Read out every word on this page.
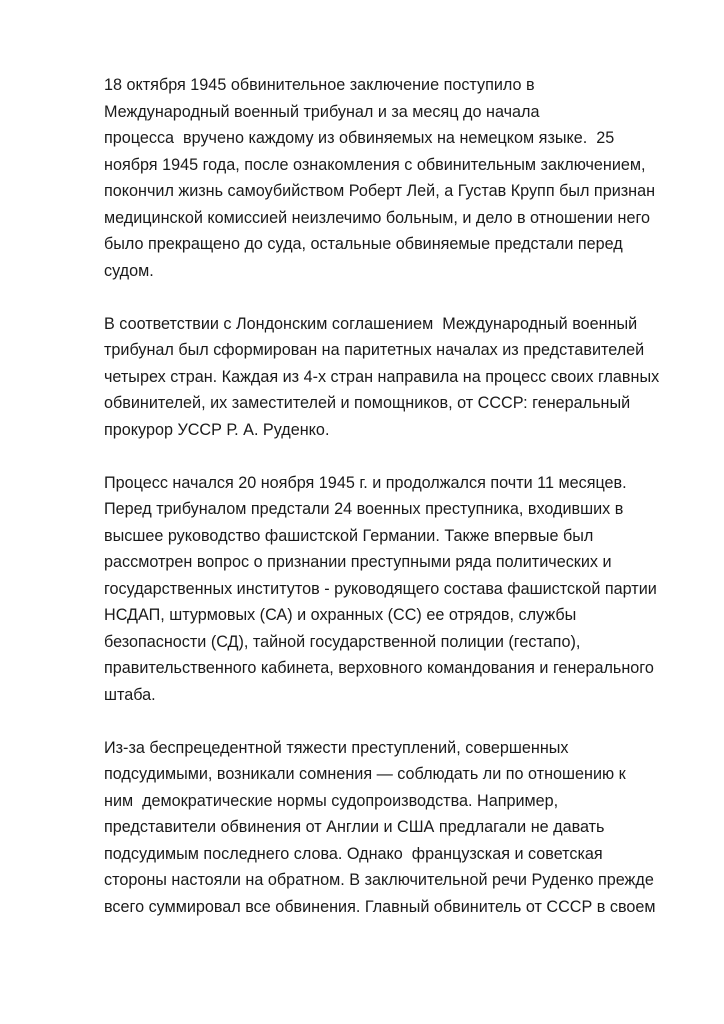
18 октября 1945 обвинительное заключение поступило в
Международный военный трибунал и за месяц до начала
процесса  вручено каждому из обвиняемых на немецком языке.  25
ноября 1945 года, после ознакомления с обвинительным заключением,
покончил жизнь самоубийством Роберт Лей, а Густав Крупп был признан
медицинской комиссией неизлечимо больным, и дело в отношении него
было прекращено до суда, остальные обвиняемые предстали перед
судом.
В соответствии с Лондонским соглашением  Международный военный
трибунал был сформирован на паритетных началах из представителей
четырех стран. Каждая из 4-х стран направила на процесс своих главных
обвинителей, их заместителей и помощников, от СССР: генеральный
прокурор УССР Р. А. Руденко.
Процесс начался 20 ноября 1945 г. и продолжался почти 11 месяцев.
Перед трибуналом предстали 24 военных преступника, входивших в
высшее руководство фашистской Германии. Также впервые был
рассмотрен вопрос о признании преступными ряда политических и
государственных институтов - руководящего состава фашистской партии
НСДАП, штурмовых (СА) и охранных (СС) ее отрядов, службы
безопасности (СД), тайной государственной полиции (гестапо),
правительственного кабинета, верховного командования и генерального
штаба.
Из-за беспрецедентной тяжести преступлений, совершенных
подсудимыми, возникали сомнения — соблюдать ли по отношению к
ним  демократические нормы судопроизводства. Например,
представители обвинения от Англии и США предлагали не давать
подсудимым последнего слова. Однако  французская и советская
стороны настояли на обратном. В заключительной речи Руденко прежде
всего суммировал все обвинения. Главный обвинитель от СССР в своем
